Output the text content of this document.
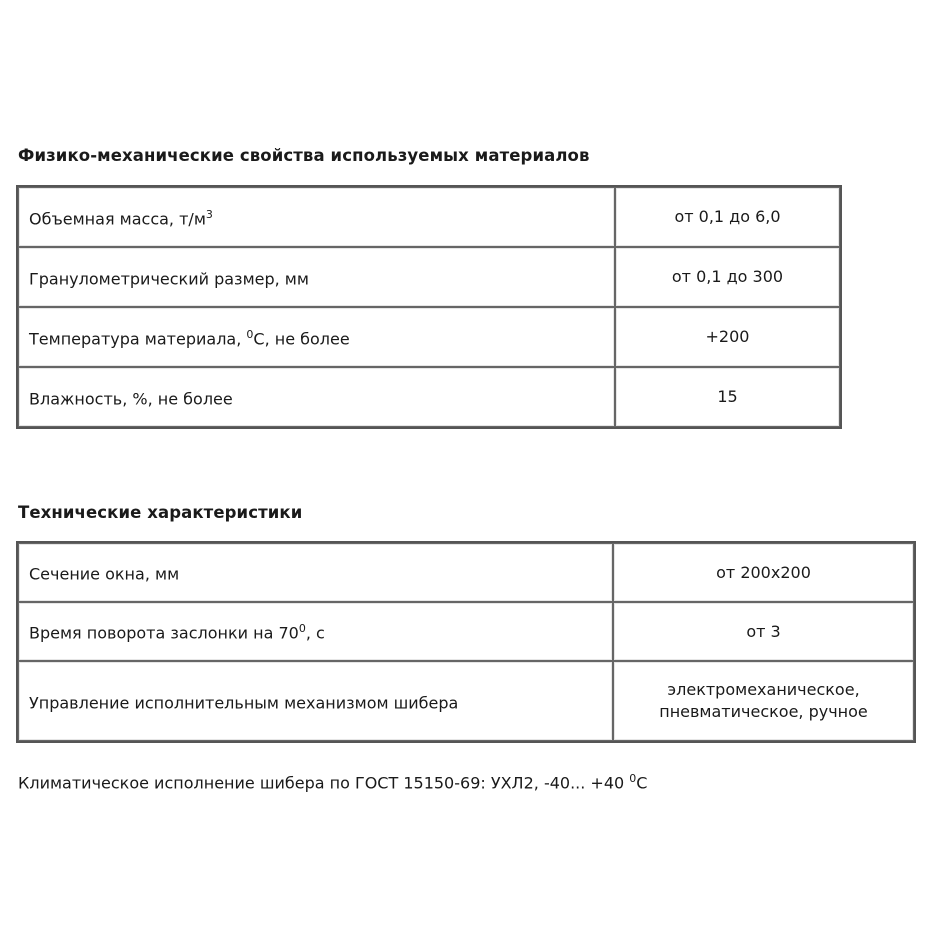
Физико-механические свойства используемых материалов
Объемная масса, $т/м^3$	от 0,1 до 6,0
Гранулометрический размер, мм	от 0,1 до 300
Температура материала, $^0$С, не более	+200
Влажность, %, не более	15
Технические характеристики
Сечение окна, мм	от 200х200
Время поворота заслонки на $70^0$, с	от 3
Управление исполнительным механизмом шибера	электромеханическое,
пневматическое, ручное
Климатическое исполнение шибера по ГОСТ 15150-69: УХЛ2, -40... +40 $^0$С
